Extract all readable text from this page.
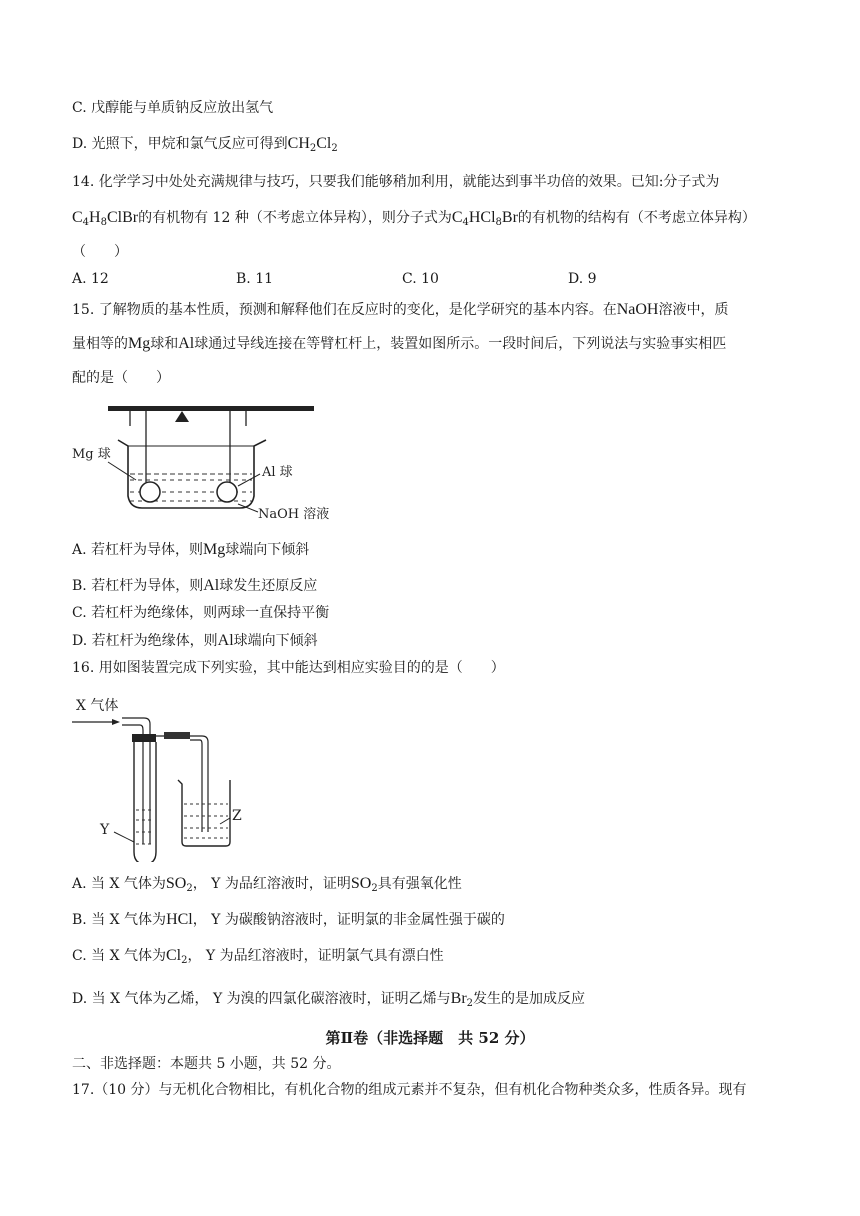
C. 戊醇能与单质钠反应放出氢气
D. 光照下，甲烷和氯气反应可得到$CH_2Cl_2$
14. 化学学习中处处充满规律与技巧，只要我们能够稍加利用，就能达到事半功倍的效果。已知:分子式为
$C_4H_8ClBr$的有机物有 12 种（不考虑立体异构），则分子式为$C_4HCl_8Br$的有机物的结构有（不考虑立体异构）
（　　）
A. 12	B. 11	C. 10	D. 9
15. 了解物质的基本性质，预测和解释他们在反应时的变化，是化学研究的基本内容。在NaOH溶液中，质
量相等的Mg球和Al球通过导线连接在等臂杠杆上，装置如图所示。一段时间后，下列说法与实验事实相匹
配的是（　　）
Mg 球
Al 球
NaOH 溶液
A. 若杠杆为导体，则Mg球端向下倾斜
B. 若杠杆为导体，则Al球发生还原反应
C. 若杠杆为绝缘体，则两球一直保持平衡
D. 若杠杆为绝缘体，则Al球端向下倾斜
16. 用如图装置完成下列实验，其中能达到相应实验目的的是（　　）
X 气体
Y
Z
A. 当 X 气体为$SO_2$， Y 为品红溶液时，证明$SO_2$具有强氧化性
B. 当 X 气体为HCl， Y 为碳酸钠溶液时，证明氯的非金属性强于碳的
C. 当 X 气体为$Cl_2$， Y 为品红溶液时，证明氯气具有漂白性
D. 当 X 气体为乙烯， Y 为溴的四氯化碳溶液时，证明乙烯与$Br_2$发生的是加成反应
第Ⅱ卷（非选择题　共 52 分）
二、非选择题：本题共 5 小题，共 52 分。
17.（10 分）与无机化合物相比，有机化合物的组成元素并不复杂，但有机化合物种类众多，性质各异。现有
